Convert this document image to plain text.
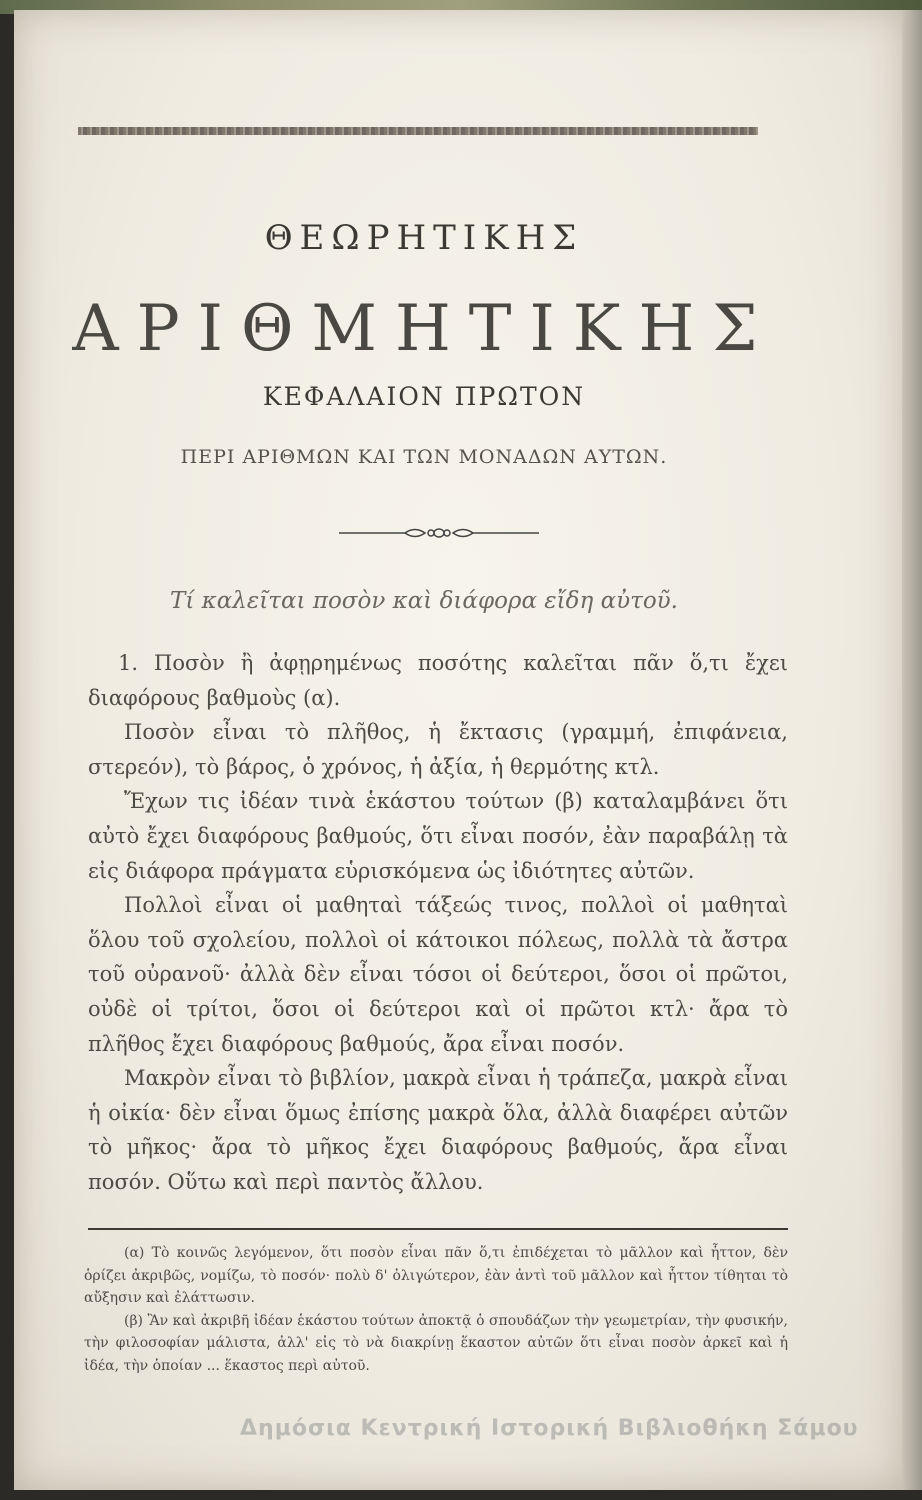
ΘΕΩΡΗΤΙΚΗΣ
ΑΡΙΘΜΗΤΙΚΗΣ
ΚΕΦΑΛΑΙΟΝ ΠΡΩΤΟΝ
ΠΕΡΙ ΑΡΙΘΜΩΝ ΚΑΙ ΤΩΝ ΜΟΝΑΔΩΝ ΑΥΤΩΝ.
Τί καλεῖται ποσὸν καὶ διάφορα εἴδη αὐτοῦ.

1. Ποσὸν ἢ ἀφῃρημένως ποσότης καλεῖται πᾶν ὅ,τι ἔχει διαφόρους βαθμοὺς (α).

Ποσὸν εἶναι τὸ πλῆθος, ἡ ἔκτασις (γραμμή, ἐπιφάνεια, στερεόν), τὸ βάρος, ὁ χρόνος, ἡ ἀξία, ἡ θερμότης κτλ.

Ἔχων τις ἰδέαν τινὰ ἑκάστου τούτων (β) καταλαμβάνει ὅτι αὐτὸ ἔχει διαφόρους βαθμούς, ὅτι εἶναι ποσόν, ἐὰν παραβάλῃ τὰ εἰς διάφορα πράγματα εὑρισκόμενα ὡς ἰδιότητες αὐτῶν.

Πολλοὶ εἶναι οἱ μαθηταὶ τάξεώς τινος, πολλοὶ οἱ μαθηταὶ ὅλου τοῦ σχολείου, πολλοὶ οἱ κάτοικοι πόλεως, πολλὰ τὰ ἄστρα τοῦ οὐρανοῦ· ἀλλὰ δὲν εἶναι τόσοι οἱ δεύτεροι, ὅσοι οἱ πρῶτοι, οὐδὲ οἱ τρίτοι, ὅσοι οἱ δεύτεροι καὶ οἱ πρῶτοι κτλ· ἄρα τὸ πλῆθος ἔχει διαφόρους βαθμούς, ἄρα εἶναι ποσόν.

Μακρὸν εἶναι τὸ βιβλίον, μακρὰ εἶναι ἡ τράπεζα, μακρὰ εἶναι ἡ οἰκία· δὲν εἶναι ὅμως ἐπίσης μακρὰ ὅλα, ἀλλὰ διαφέρει αὐτῶν τὸ μῆκος· ἄρα τὸ μῆκος ἔχει διαφόρους βαθμούς, ἄρα εἶναι ποσόν. Οὕτω καὶ περὶ παντὸς ἄλλου.

(α) Τὸ κοινῶς λεγόμενον, ὅτι ποσὸν εἶναι πᾶν ὅ,τι ἐπιδέχεται τὸ μᾶλλον καὶ ἧττον, δὲν ὁρίζει ἀκριβῶς, νομίζω, τὸ ποσόν· πολὺ δ' ὀλιγώτερον, ἐὰν ἀντὶ τοῦ μᾶλλον καὶ ἧττον τίθηται τὸ αὔξησιν καὶ ἐλάττωσιν.

(β) Ἂν καὶ ἀκριβῆ ἰδέαν ἑκάστου τούτων ἀποκτᾷ ὁ σπουδάζων τὴν γεωμετρίαν, τὴν φυσικήν, τὴν φιλοσοφίαν μάλιστα, ἀλλ' εἰς τὸ νὰ διακρίνῃ ἕκαστον αὐτῶν ὅτι εἶναι ποσὸν ἀρκεῖ καὶ ἡ ἰδέα, τὴν ὁποίαν ... ἕκαστος περὶ αὐτοῦ.

Δημόσια Κεντρική Ιστορική Βιβλιοθήκη Σάμου
